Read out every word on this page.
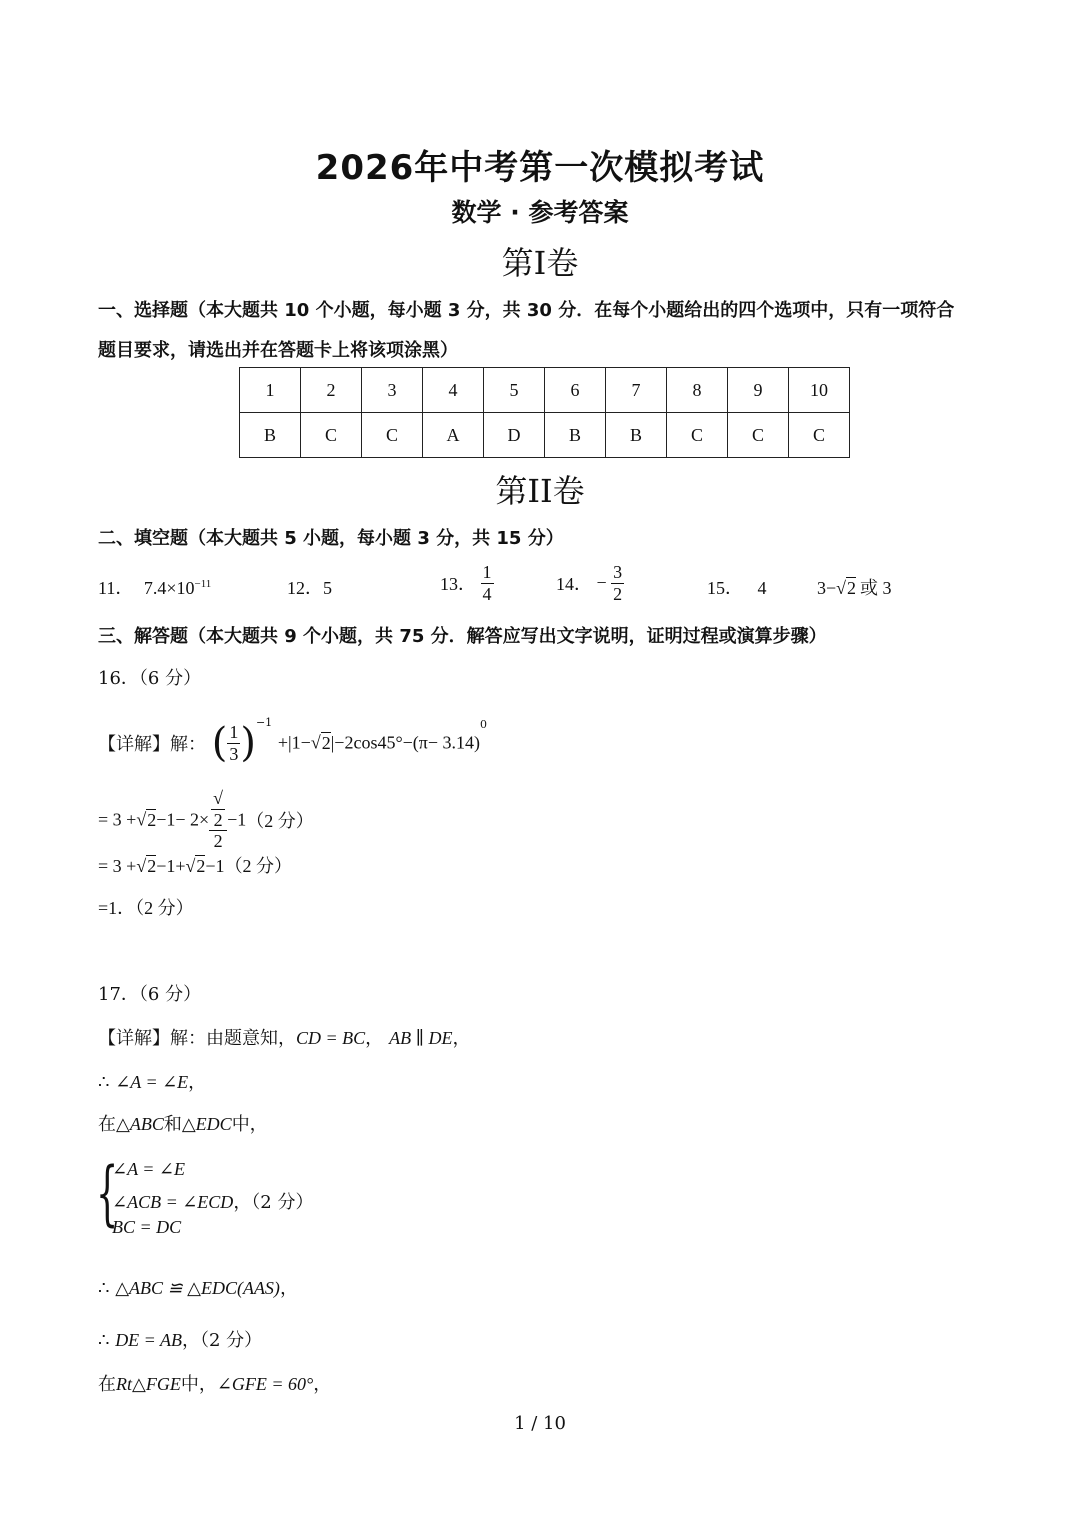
2026年中考第一次模拟考试
数学 · 参考答案
第I卷
一、选择题（本大题共 10 个小题，每小题 3 分，共 30 分．在每个小题给出的四个选项中，只有一项符合
题目要求，请选出并在答题卡上将该项涂黑）
1	2	3	4	5	6	7	8	9	10
B	C	C	A	D	B	B	C	C	C
第II卷
二、填空题（本大题共 5 小题，每小题 3 分，共 15 分）
11． $7.4\times 10^{-11}$	12．5	13． $\frac{1}{4}$	14． − $\frac{3}{2}$	15． 4	3−√2 或 3
三、解答题（本大题共 9 个小题，共 75 分．解答应写出文字说明，证明过程或演算步骤）
16．（6 分）
【详解】解： ( $\frac{1}{3} )^{-1} +|1-√2|-2\cos 45^\circ-(\pi- 3.14)^0$
= 3 +√2−1− 2× √
2
2 −1（2 分）
= 3 +√2−1+√2−1（2 分）
=1．（2 分）
17．（6 分）
【详解】解：由题意知，CD = BC， AB ∥ DE，
∴ ∠A = ∠E，
在△ABC和△EDC中，
{
∠A = ∠E
∠ACB = ∠ECD，（2 分）
BC = DC
∴ △ABC ≌ △EDC(AAS)，
∴ DE = AB，（2 分）
在Rt△FGE中，∠GFE = 60°，
1 / 10
